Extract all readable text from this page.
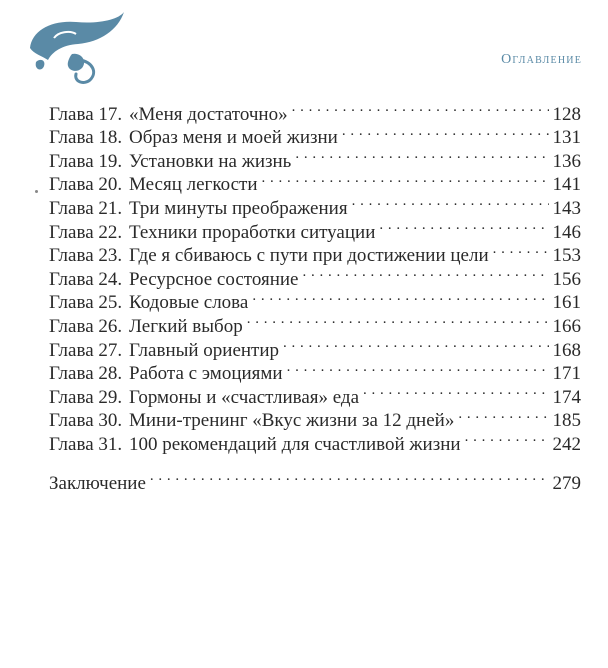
Оглавление
Глава 17. «Меня достаточно» . . .	128
Глава 18. Образ меня и моей жизни . . .	131
Глава 19. Установки на жизнь . . .	136
Глава 20. Месяц легкости . . .	141
Глава 21. Три минуты преображения . . .	143
Глава 22. Техники проработки ситуации . . .	146
Глава 23. Где я сбиваюсь с пути при достижении цели . . .	153
Глава 24. Ресурсное состояние . . .	156
Глава 25. Кодовые слова . . .	161
Глава 26. Легкий выбор . . .	166
Глава 27. Главный ориентир . . .	168
Глава 28. Работа с эмоциями . . .	171
Глава 29. Гормоны и «счастливая» еда . . .	174
Глава 30. Мини-тренинг «Вкус жизни за 12 дней» . . .	185
Глава 31. 100 рекомендаций для счастливой жизни . . .	242
Заключение . . .	279
